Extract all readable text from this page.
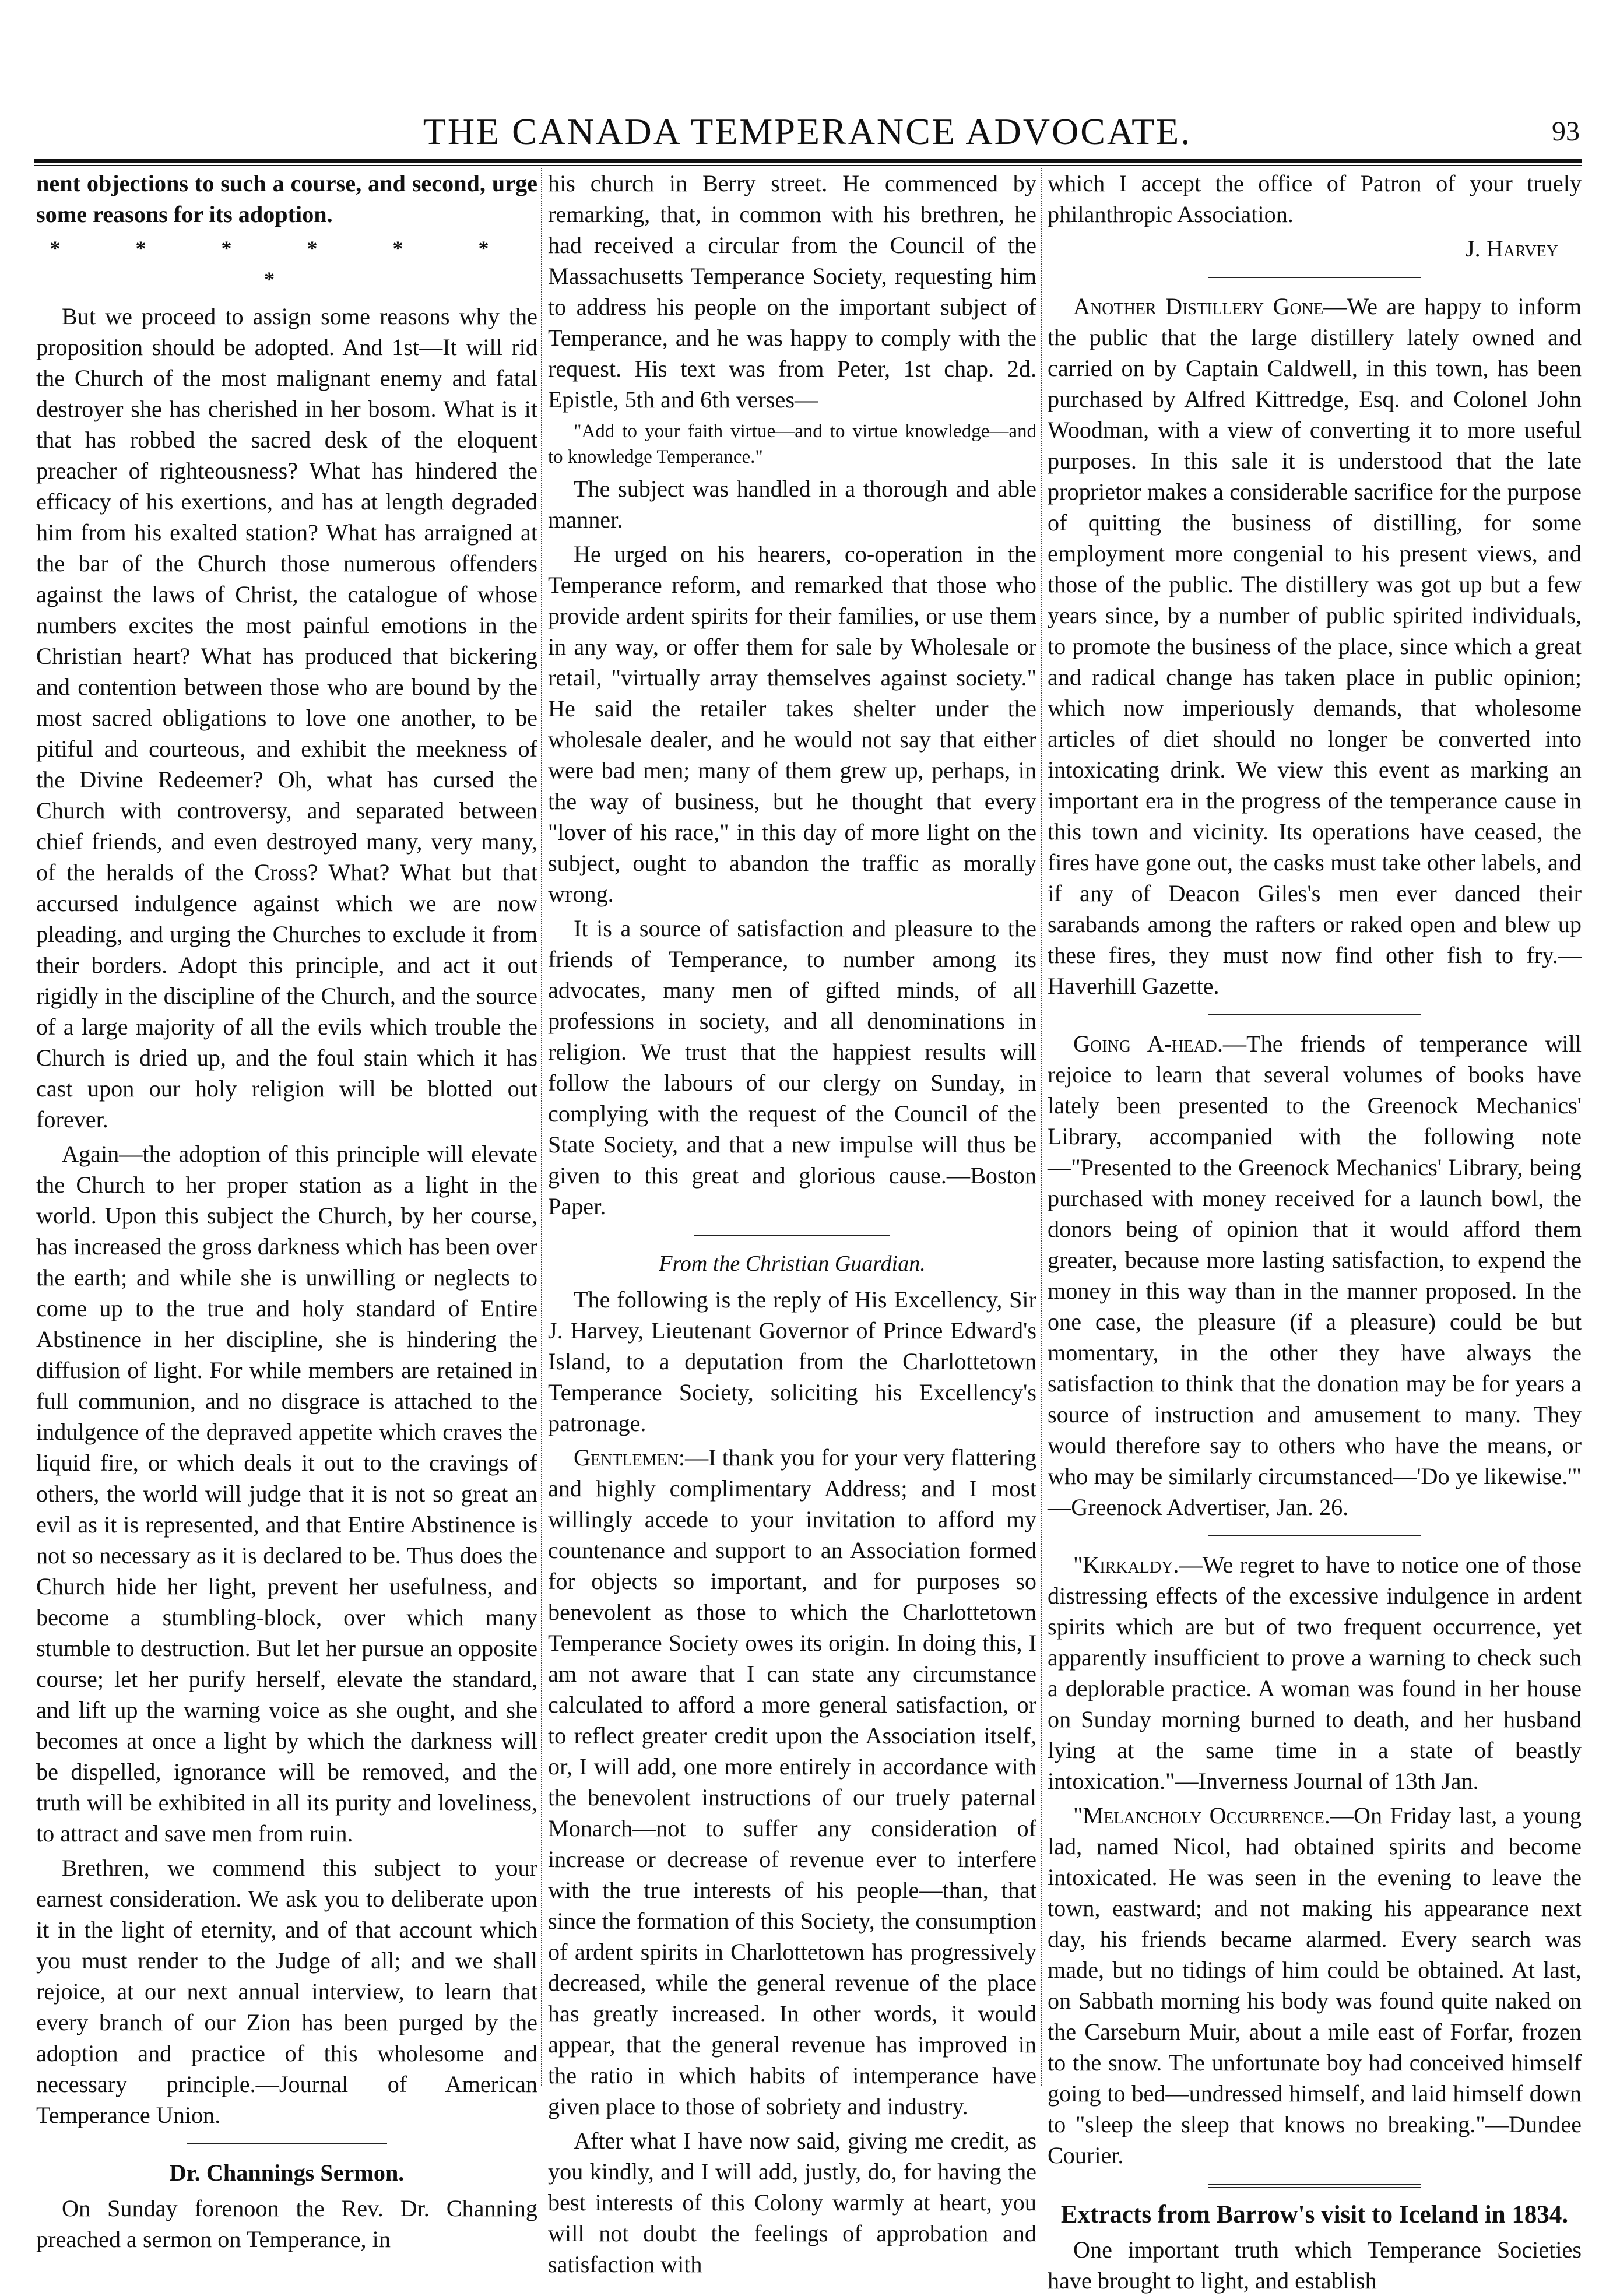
THE CANADA TEMPERANCE ADVOCATE.	93

nent objections to such a course, and second, urge some reasons for its adoption.

* * * * * * *

But we proceed to assign some reasons why the proposition should be adopted. And 1st—It will rid the Church of the most malignant enemy and fatal destroyer she has cherished in her bosom. What is it that has robbed the sacred desk of the eloquent preacher of righteousness? What has hindered the efficacy of his exertions, and has at length degraded him from his exalted station? What has arraigned at the bar of the Church those numerous offenders against the laws of Christ, the catalogue of whose numbers excites the most painful emotions in the Christian heart? What has produced that bickering and contention between those who are bound by the most sacred obligations to love one another, to be pitiful and courteous, and exhibit the meekness of the Divine Redeemer? Oh, what has cursed the Church with controversy, and separated between chief friends, and even destroyed many, very many, of the heralds of the Cross? What? What but that accursed indulgence against which we are now pleading, and urging the Churches to exclude it from their borders. Adopt this principle, and act it out rigidly in the discipline of the Church, and the source of a large majority of all the evils which trouble the Church is dried up, and the foul stain which it has cast upon our holy religion will be blotted out forever.

Again—the adoption of this principle will elevate the Church to her proper station as a light in the world. Upon this subject the Church, by her course, has increased the gross darkness which has been over the earth; and while she is unwilling or neglects to come up to the true and holy standard of Entire Abstinence in her discipline, she is hindering the diffusion of light. For while members are retained in full communion, and no disgrace is attached to the indulgence of the depraved appetite which craves the liquid fire, or which deals it out to the cravings of others, the world will judge that it is not so great an evil as it is represented, and that Entire Abstinence is not so necessary as it is declared to be. Thus does the Church hide her light, prevent her usefulness, and become a stumbling-block, over which many stumble to destruction. But let her pursue an opposite course; let her purify herself, elevate the standard, and lift up the warning voice as she ought, and she becomes at once a light by which the darkness will be dispelled, ignorance will be removed, and the truth will be exhibited in all its purity and loveliness, to attract and save men from ruin.

Brethren, we commend this subject to your earnest consideration. We ask you to deliberate upon it in the light of eternity, and of that account which you must render to the Judge of all; and we shall rejoice, at our next annual interview, to learn that every branch of our Zion has been purged by the adoption and practice of this wholesome and necessary principle.—Journal of American Temperance Union.

Dr. Channings Sermon.

On Sunday forenoon the Rev. Dr. Channing preached a sermon on Temperance, in

his church in Berry street. He commenced by remarking, that, in common with his brethren, he had received a circular from the Council of the Massachusetts Temperance Society, requesting him to address his people on the important subject of Temperance, and he was happy to comply with the request. His text was from Peter, 1st chap. 2d. Epistle, 5th and 6th verses—

"Add to your faith virtue—and to virtue knowledge—and to knowledge Temperance."

The subject was handled in a thorough and able manner.

He urged on his hearers, co-operation in the Temperance reform, and remarked that those who provide ardent spirits for their families, or use them in any way, or offer them for sale by Wholesale or retail, "virtually array themselves against society." He said the retailer takes shelter under the wholesale dealer, and he would not say that either were bad men; many of them grew up, perhaps, in the way of business, but he thought that every "lover of his race," in this day of more light on the subject, ought to abandon the traffic as morally wrong.

It is a source of satisfaction and pleasure to the friends of Temperance, to number among its advocates, many men of gifted minds, of all professions in society, and all denominations in religion. We trust that the happiest results will follow the labours of our clergy on Sunday, in complying with the request of the Council of the State Society, and that a new impulse will thus be given to this great and glorious cause.—Boston Paper.

From the Christian Guardian.

The following is the reply of His Excellency, Sir J. Harvey, Lieutenant Governor of Prince Edward's Island, to a deputation from the Charlottetown Temperance Society, soliciting his Excellency's patronage.

Gentlemen:—I thank you for your very flattering and highly complimentary Address; and I most willingly accede to your invitation to afford my countenance and support to an Association formed for objects so important, and for purposes so benevolent as those to which the Charlottetown Temperance Society owes its origin. In doing this, I am not aware that I can state any circumstance calculated to afford a more general satisfaction, or to reflect greater credit upon the Association itself, or, I will add, one more entirely in accordance with the benevolent instructions of our truely paternal Monarch—not to suffer any consideration of increase or decrease of revenue ever to interfere with the true interests of his people—than, that since the formation of this Society, the consumption of ardent spirits in Charlottetown has progressively decreased, while the general revenue of the place has greatly increased. In other words, it would appear, that the general revenue has improved in the ratio in which habits of intemperance have given place to those of sobriety and industry.

After what I have now said, giving me credit, as you kindly, and I will add, justly, do, for having the best interests of this Colony warmly at heart, you will not doubt the feelings of approbation and satisfaction with

which I accept the office of Patron of your truely philanthropic Association.

J. Harvey

Another Distillery Gone—We are happy to inform the public that the large distillery lately owned and carried on by Captain Caldwell, in this town, has been purchased by Alfred Kittredge, Esq. and Colonel John Woodman, with a view of converting it to more useful purposes. In this sale it is understood that the late proprietor makes a considerable sacrifice for the purpose of quitting the business of distilling, for some employment more congenial to his present views, and those of the public. The distillery was got up but a few years since, by a number of public spirited individuals, to promote the business of the place, since which a great and radical change has taken place in public opinion; which now imperiously demands, that wholesome articles of diet should no longer be converted into intoxicating drink. We view this event as marking an important era in the progress of the temperance cause in this town and vicinity. Its operations have ceased, the fires have gone out, the casks must take other labels, and if any of Deacon Giles's men ever danced their sarabands among the rafters or raked open and blew up these fires, they must now find other fish to fry.—Haverhill Gazette.

Going A-head.—The friends of temperance will rejoice to learn that several volumes of books have lately been presented to the Greenock Mechanics' Library, accompanied with the following note—"Presented to the Greenock Mechanics' Library, being purchased with money received for a launch bowl, the donors being of opinion that it would afford them greater, because more lasting satisfaction, to expend the money in this way than in the manner proposed. In the one case, the pleasure (if a pleasure) could be but momentary, in the other they have always the satisfaction to think that the donation may be for years a source of instruction and amusement to many. They would therefore say to others who have the means, or who may be similarly circumstanced—'Do ye likewise.'" —Greenock Advertiser, Jan. 26.

"Kirkaldy.—We regret to have to notice one of those distressing effects of the excessive indulgence in ardent spirits which are but of two frequent occurrence, yet apparently insufficient to prove a warning to check such a deplorable practice. A woman was found in her house on Sunday morning burned to death, and her husband lying at the same time in a state of beastly intoxication."—Inverness Journal of 13th Jan.

"Melancholy Occurrence.—On Friday last, a young lad, named Nicol, had obtained spirits and become intoxicated. He was seen in the evening to leave the town, eastward; and not making his appearance next day, his friends became alarmed. Every search was made, but no tidings of him could be obtained. At last, on Sabbath morning his body was found quite naked on the Carseburn Muir, about a mile east of Forfar, frozen to the snow. The unfortunate boy had conceived himself going to bed—undressed himself, and laid himself down to "sleep the sleep that knows no breaking."—Dundee Courier.

Extracts from Barrow's visit to Iceland in 1834.

One important truth which Temperance Societies have brought to light, and establish
